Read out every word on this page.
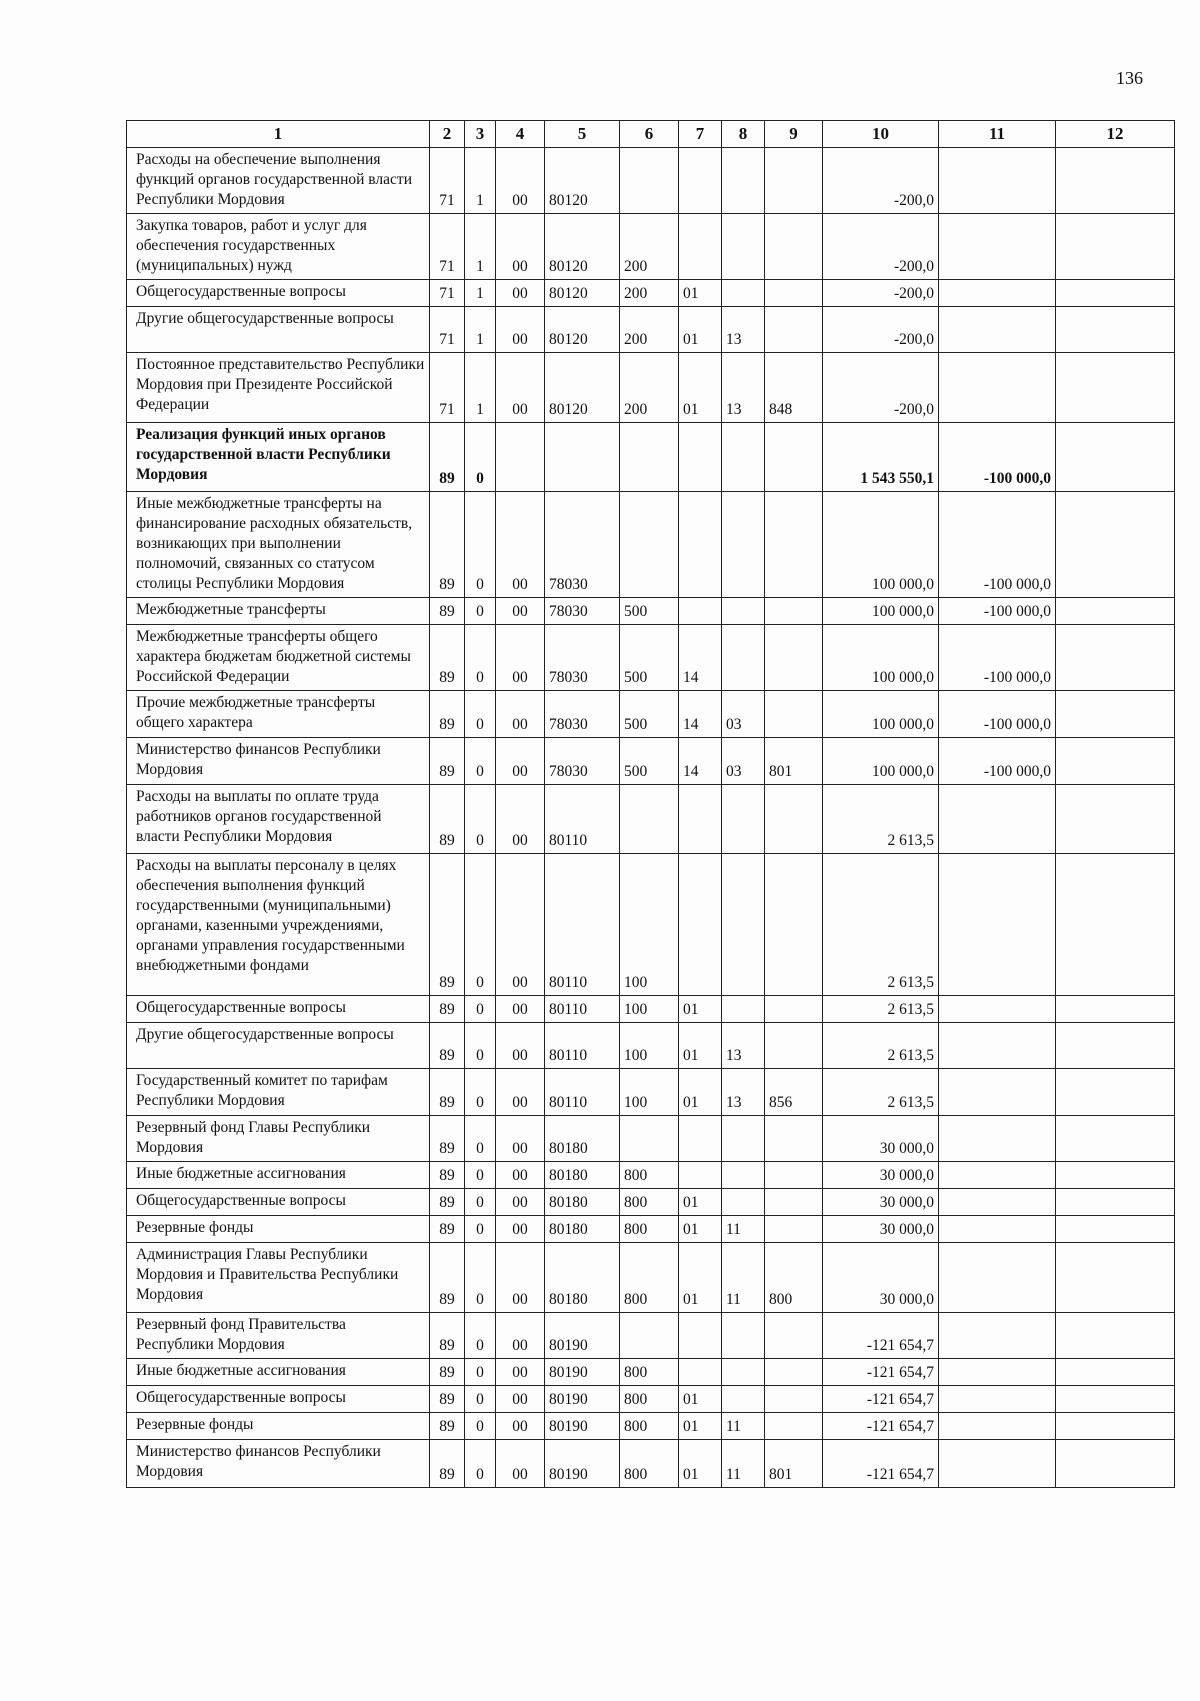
136
1	2	3	4	5	6	7	8	9	10	11	12
Расходы на обеспечение выполнения функций органов государственной власти Республики Мордовия	71	1	00	80120					-200,0		
Закупка товаров, работ и услуг для обеспечения государственных (муниципальных) нужд	71	1	00	80120	200				-200,0		
Общегосударственные вопросы	71	1	00	80120	200	01			-200,0		
Другие общегосударственные вопросы	71	1	00	80120	200	01	13		-200,0		
Постоянное представительство Республики Мордовия при Президенте Российской Федерации	71	1	00	80120	200	01	13	848	-200,0		
Реализация функций иных органов государственной власти Республики Мордовия	89	0							1 543 550,1	-100 000,0	
Иные межбюджетные трансферты на финансирование расходных обязательств, возникающих при выполнении полномочий, связанных со статусом столицы Республики Мордовия	89	0	00	78030					100 000,0	-100 000,0	
Межбюджетные трансферты	89	0	00	78030	500				100 000,0	-100 000,0	
Межбюджетные трансферты общего характера бюджетам бюджетной системы Российской Федерации	89	0	00	78030	500	14			100 000,0	-100 000,0	
Прочие межбюджетные трансферты общего характера	89	0	00	78030	500	14	03		100 000,0	-100 000,0	
Министерство финансов Республики Мордовия	89	0	00	78030	500	14	03	801	100 000,0	-100 000,0	
Расходы на выплаты по оплате труда работников органов государственной власти Республики Мордовия	89	0	00	80110					2 613,5		
Расходы на выплаты персоналу в целях обеспечения выполнения функций государственными (муниципальными) органами, казенными учреждениями, органами управления государственными внебюджетными фондами	89	0	00	80110	100				2 613,5		
Общегосударственные вопросы	89	0	00	80110	100	01			2 613,5		
Другие общегосударственные вопросы	89	0	00	80110	100	01	13		2 613,5		
Государственный комитет по тарифам Республики Мордовия	89	0	00	80110	100	01	13	856	2 613,5		
Резервный фонд Главы Республики Мордовия	89	0	00	80180					30 000,0		
Иные бюджетные ассигнования	89	0	00	80180	800				30 000,0		
Общегосударственные вопросы	89	0	00	80180	800	01			30 000,0		
Резервные фонды	89	0	00	80180	800	01	11		30 000,0		
Администрация Главы Республики Мордовия и Правительства Республики Мордовия	89	0	00	80180	800	01	11	800	30 000,0		
Резервный фонд Правительства Республики Мордовия	89	0	00	80190					-121 654,7		
Иные бюджетные ассигнования	89	0	00	80190	800				-121 654,7		
Общегосударственные вопросы	89	0	00	80190	800	01			-121 654,7		
Резервные фонды	89	0	00	80190	800	01	11		-121 654,7		
Министерство финансов Республики Мордовия	89	0	00	80190	800	01	11	801	-121 654,7		
